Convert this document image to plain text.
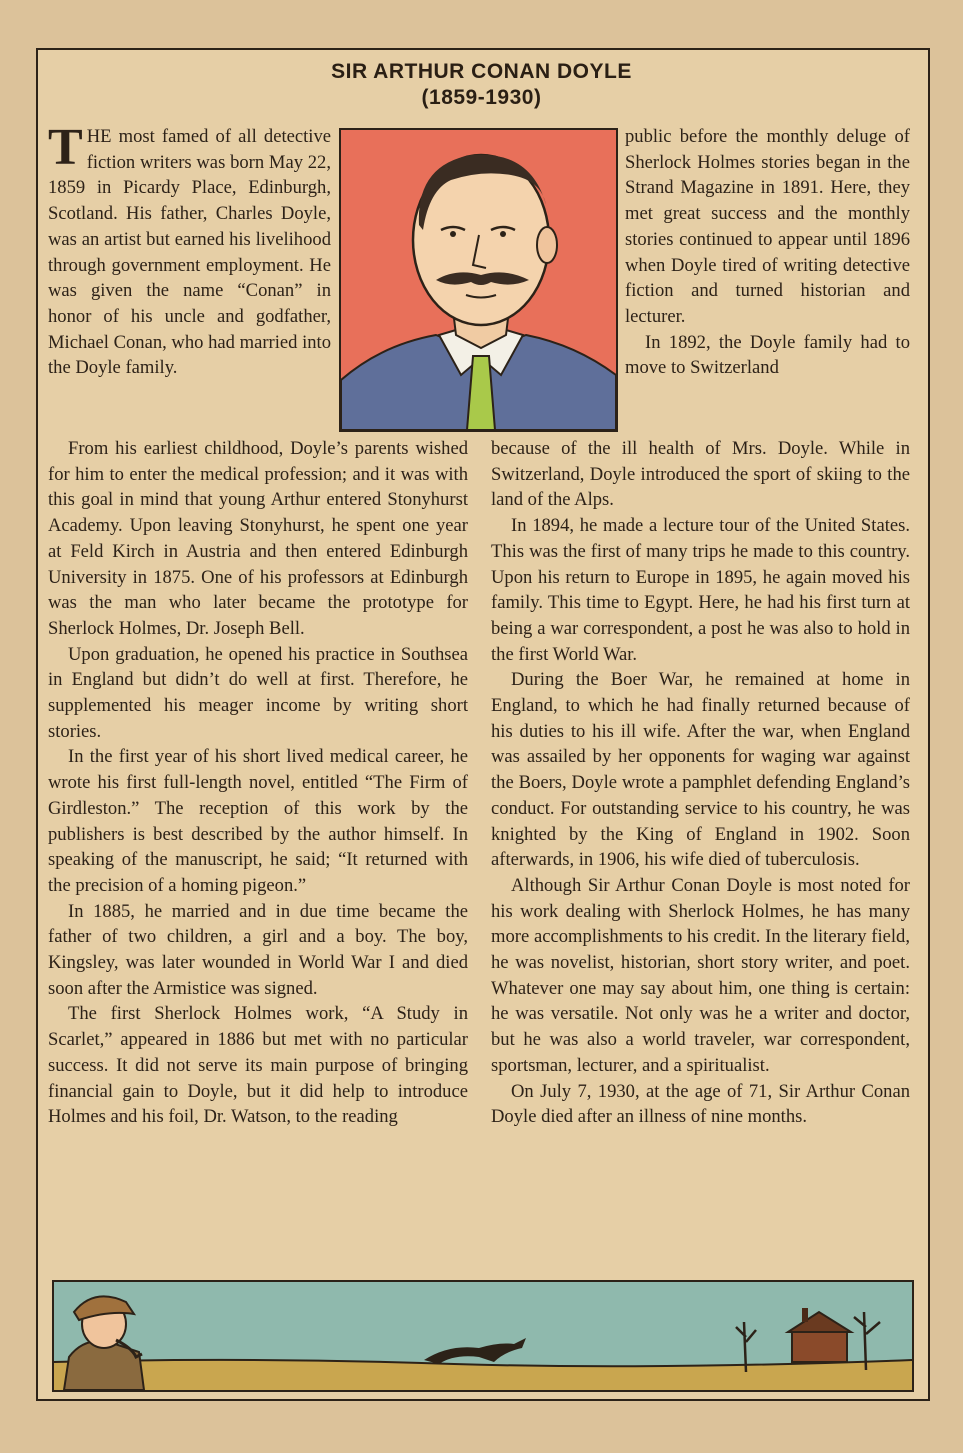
SIR ARTHUR CONAN DOYLE
(1859-1930)

THE most famed of all detective fiction writers was born May 22, 1859 in Picardy Place, Edinburgh, Scotland. His father, Charles Doyle, was an artist but earned his livelihood through government employment. He was given the name “Conan” in honor of his uncle and godfather, Michael Conan, who had married into the Doyle family.

From his earliest childhood, Doyle’s parents wished for him to enter the medical profession; and it was with this goal in mind that young Arthur entered Stonyhurst Academy. Upon leaving Stonyhurst, he spent one year at Feld Kirch in Austria and then entered Edinburgh University in 1875. One of his professors at Edinburgh was the man who later became the prototype for Sherlock Holmes, Dr. Joseph Bell.

Upon graduation, he opened his practice in Southsea in England but didn’t do well at first. Therefore, he supplemented his meager income by writing short stories.

In the first year of his short lived medical career, he wrote his first full-length novel, entitled “The Firm of Girdleston.” The reception of this work by the publishers is best described by the author himself. In speaking of the manuscript, he said; “It returned with the precision of a homing pigeon.”

In 1885, he married and in due time became the father of two children, a girl and a boy. The boy, Kingsley, was later wounded in World War I and died soon after the Armistice was signed.

The first Sherlock Holmes work, “A Study in Scarlet,” appeared in 1886 but met with no particular success. It did not serve its main purpose of bringing financial gain to Doyle, but it did help to introduce Holmes and his foil, Dr. Watson, to the reading

public before the monthly deluge of Sherlock Holmes stories began in the Strand Magazine in 1891. Here, they met great success and the monthly stories continued to appear until 1896 when Doyle tired of writing detective fiction and turned historian and lecturer.

In 1892, the Doyle family had to move to Switzerland

because of the ill health of Mrs. Doyle. While in Switzerland, Doyle introduced the sport of skiing to the land of the Alps.

In 1894, he made a lecture tour of the United States. This was the first of many trips he made to this country. Upon his return to Europe in 1895, he again moved his family. This time to Egypt. Here, he had his first turn at being a war correspondent, a post he was also to hold in the first World War.

During the Boer War, he remained at home in England, to which he had finally returned because of his duties to his ill wife. After the war, when England was assailed by her opponents for waging war against the Boers, Doyle wrote a pamphlet defending England’s conduct. For outstanding service to his country, he was knighted by the King of England in 1902. Soon afterwards, in 1906, his wife died of tuberculosis.

Although Sir Arthur Conan Doyle is most noted for his work dealing with Sherlock Holmes, he has many more accomplishments to his credit. In the literary field, he was novelist, historian, short story writer, and poet. Whatever one may say about him, one thing is certain: he was versatile. Not only was he a writer and doctor, but he was also a world traveler, war correspondent, sportsman, lecturer, and a spiritualist.

On July 7, 1930, at the age of 71, Sir Arthur Conan Doyle died after an illness of nine months.
